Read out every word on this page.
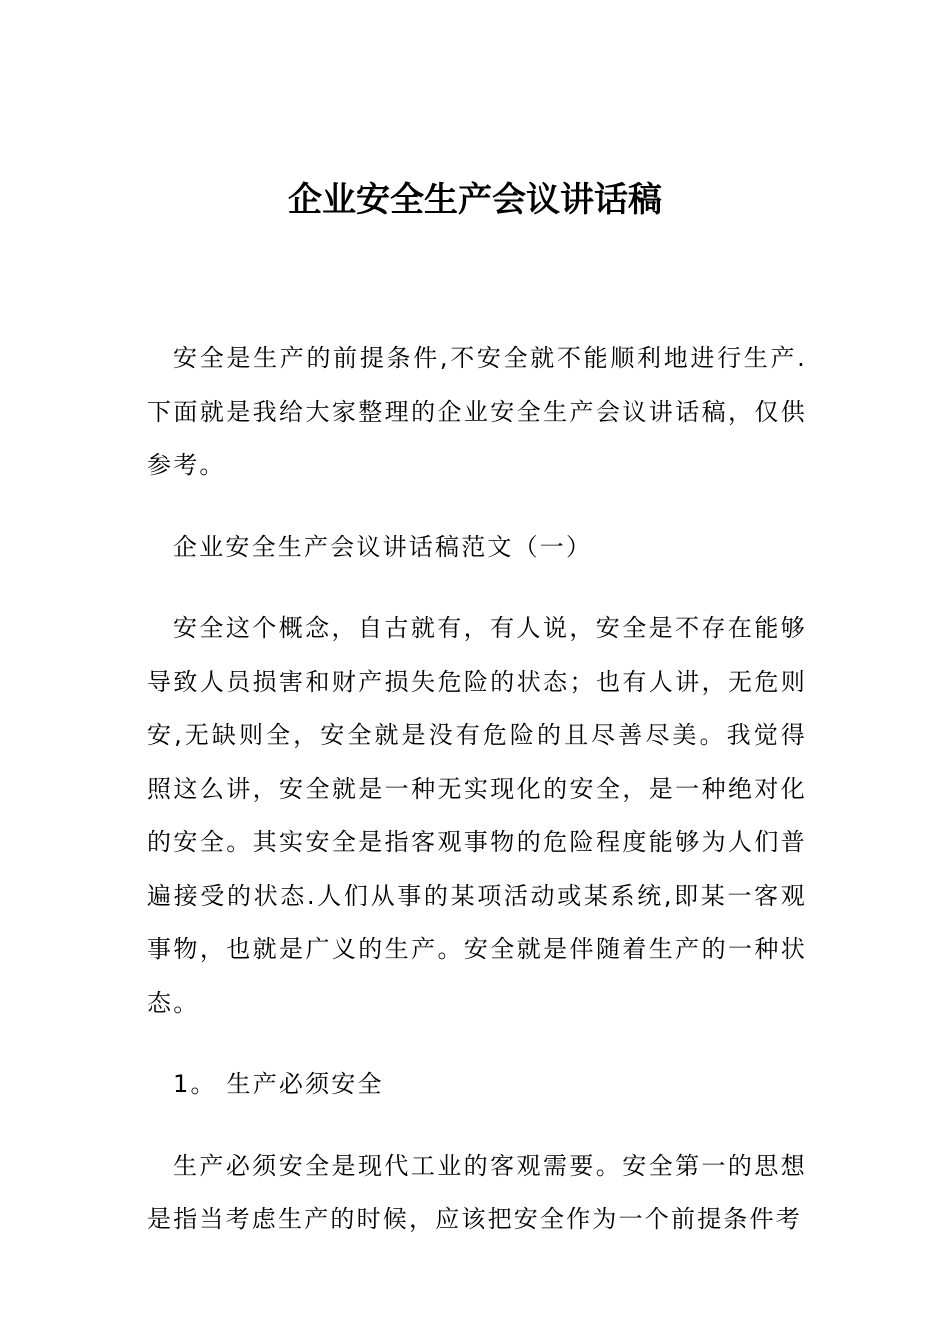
企业安全生产会议讲话稿

安全是生产的前提条件,不安全就不能顺利地进行生产.下面就是我给大家整理的企业安全生产会议讲话稿，仅供参考。

企业安全生产会议讲话稿范文（一）

安全这个概念，自古就有，有人说，安全是不存在能够导致人员损害和财产损失危险的状态；也有人讲，无危则安,无缺则全，安全就是没有危险的且尽善尽美。我觉得照这么讲，安全就是一种无实现化的安全，是一种绝对化的安全。其实安全是指客观事物的危险程度能够为人们普遍接受的状态.人们从事的某项活动或某系统,即某一客观事物，也就是广义的生产。安全就是伴随着生产的一种状态。

1。 生产必须安全

生产必须安全是现代工业的客观需要。安全第一的思想是指当考虑生产的时候，应该把安全作为一个前提条件考
